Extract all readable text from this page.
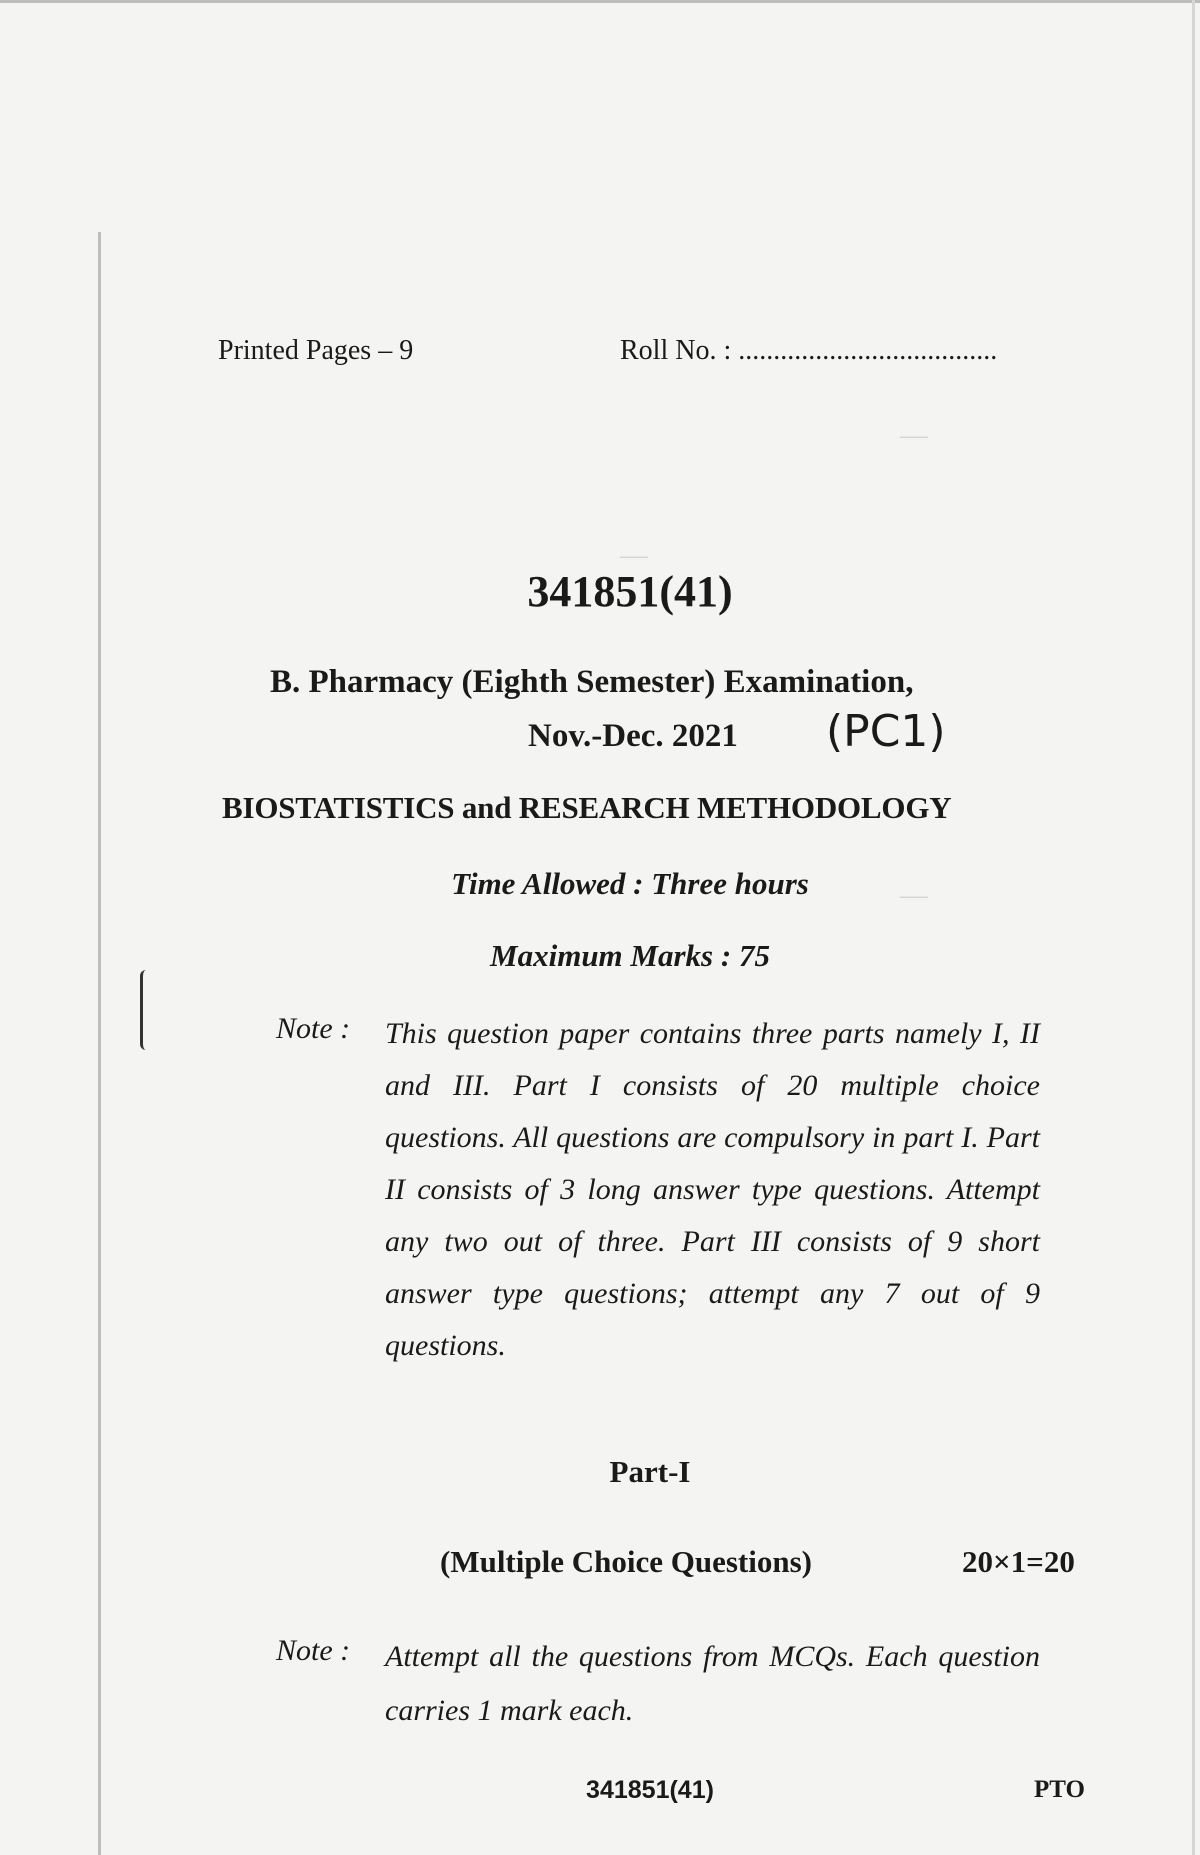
—
—
—
Printed Pages – 9	Roll No. : .....................................
341851(41)
B. Pharmacy (Eighth Semester) Examination,
Nov.-Dec. 2021 (PC1)
BIOSTATISTICS and RESEARCH METHODOLOGY
Time Allowed : Three hours
Maximum Marks : 75
Note : This question paper contains three parts namely I, II and III. Part I consists of 20 multiple choice questions. All questions are compulsory in part I. Part II consists of 3 long answer type questions. Attempt any two out of three. Part III consists of 9 short answer type questions; attempt any 7 out of 9 questions.
Part-I
(Multiple Choice Questions)	20×1=20
Note : Attempt all the questions from MCQs. Each question carries 1 mark each.
341851(41)	PTO
